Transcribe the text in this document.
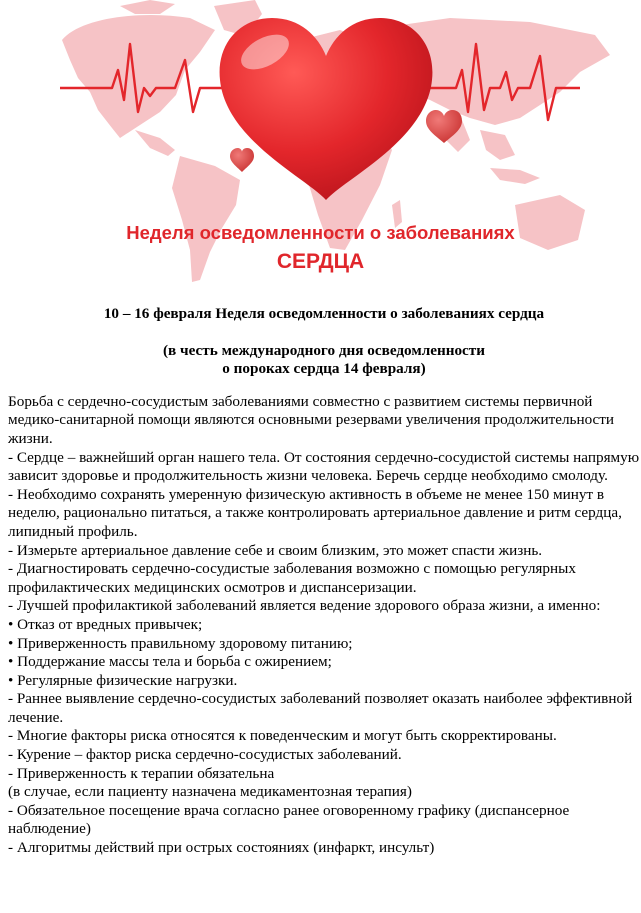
Неделя осведомленности о заболеваниях
СЕРДЦА
10 – 16 февраля Неделя осведомленности о заболеваниях сердца
(в честь международного дня осведомленности
о пороках сердца 14 февраля)
Борьба с сердечно-сосудистым заболеваниями совместно с развитием системы первичной медико-санитарной помощи являются основными резервами увеличения продолжительности жизни.
- Сердце – важнейший орган нашего тела. От состояния сердечно-сосудистой системы напрямую зависит здоровье и продолжительность жизни человека. Беречь сердце необходимо смолоду.
- Необходимо сохранять умеренную физическую активность в объеме не менее 150 минут в неделю, рационально питаться, а также контролировать артериальное давление и ритм сердца, липидный профиль.
- Измерьте артериальное давление себе и своим близким, это может спасти жизнь.
- Диагностировать сердечно-сосудистые заболевания возможно с помощью регулярных профилактических медицинских осмотров и диспансеризации.
- Лучшей профилактикой заболеваний является ведение здорового образа жизни, а именно:
• Отказ от вредных привычек;
• Приверженность правильному здоровому питанию;
• Поддержание массы тела и борьба с ожирением;
• Регулярные физические нагрузки.
- Раннее выявление сердечно-сосудистых заболеваний позволяет оказать наиболее эффективной лечение.
- Многие факторы риска относятся к поведенческим и могут быть скорректированы.
- Курение – фактор риска сердечно-сосудистых заболеваний.
- Приверженность к терапии обязательна
(в случае, если пациенту назначена медикаментозная терапия)
- Обязательное посещение врача согласно ранее оговоренному графику (диспансерное наблюдение)
- Алгоритмы действий при острых состояниях (инфаркт, инсульт)
